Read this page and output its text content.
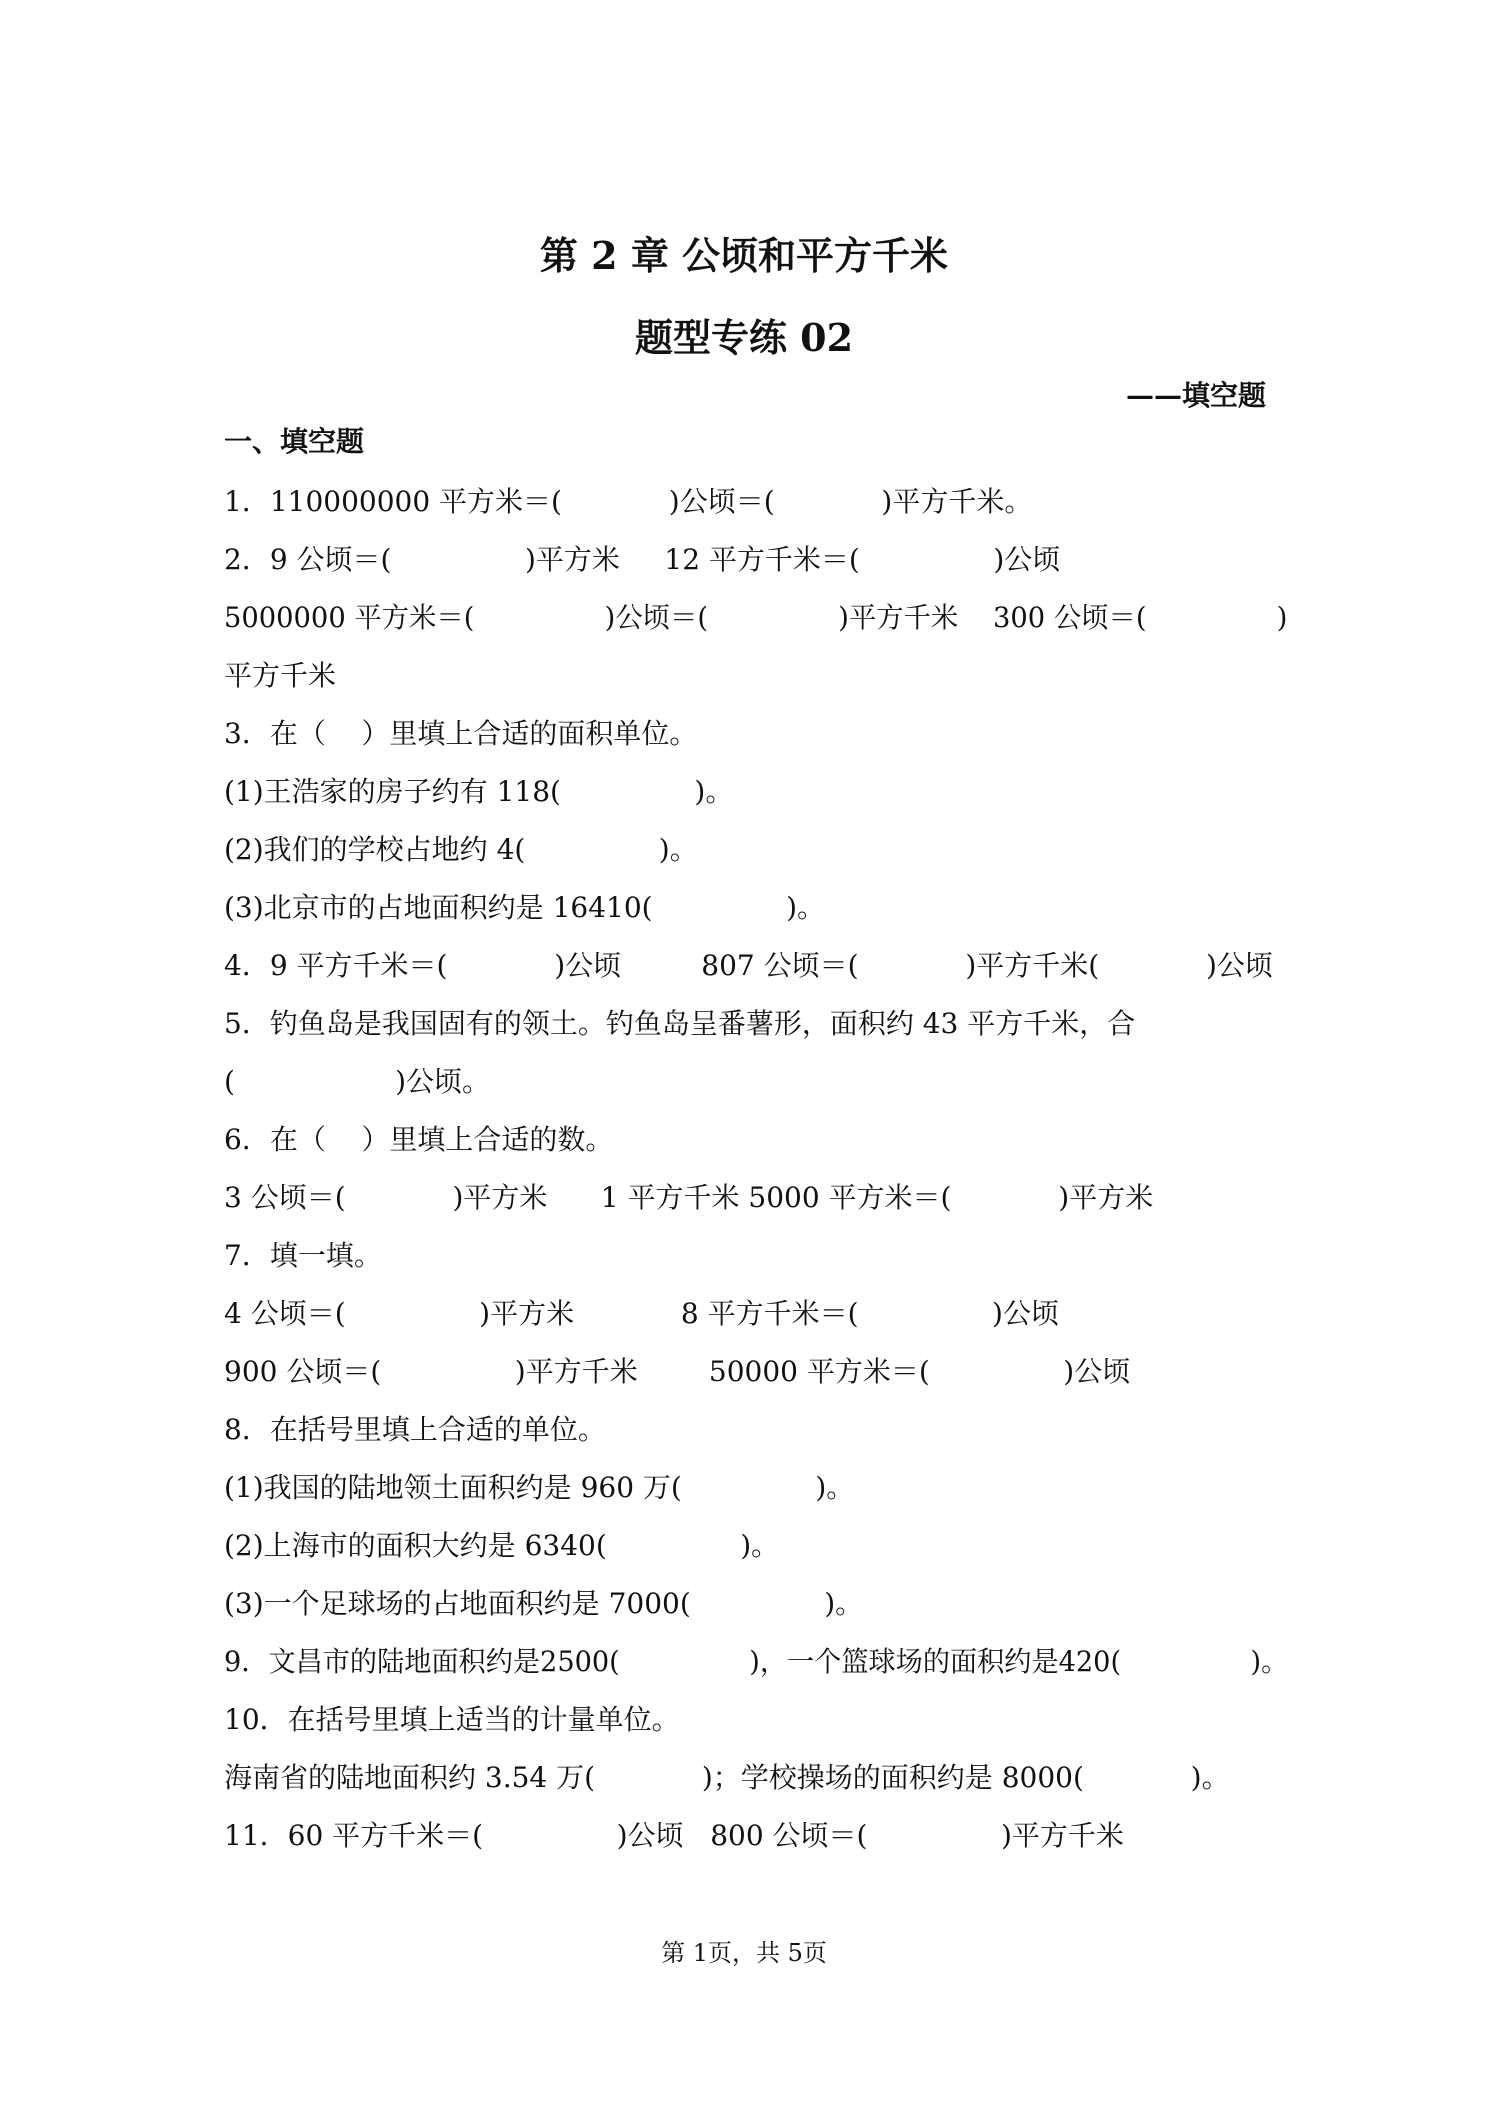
第 2 章 公顷和平方千米
题型专练 02
——填空题
一、填空题
1．110000000 平方米＝(            )公顷＝(            )平方千米。
2．9 公顷＝(               )平方米     12 平方千米＝(               )公顷
5000000 平方米＝(               )公顷＝(               )平方千米    300 公顷＝(               )
平方千米
3．在（    ）里填上合适的面积单位。
(1)王浩家的房子约有 118(               )。
(2)我们的学校占地约 4(               )。
(3)北京市的占地面积约是 16410(               )。
4．9 平方千米＝(            )公顷         807 公顷＝(            )平方千米(            )公顷
5．钓鱼岛是我国固有的领土。钓鱼岛呈番薯形，面积约 43 平方千米，合
(                  )公顷。
6．在（    ）里填上合适的数。
3 公顷＝(            )平方米      1 平方千米 5000 平方米＝(            )平方米
7．填一填。
4 公顷＝(               )平方米            8 平方千米＝(               )公顷
900 公顷＝(               )平方千米        50000 平方米＝(               )公顷
8．在括号里填上合适的单位。
(1)我国的陆地领土面积约是 960 万(               )。
(2)上海市的面积大约是 6340(               )。
(3)一个足球场的占地面积约是 7000(               )。
9．文昌市的陆地面积约是2500(               )，一个篮球场的面积约是420(               )。
10．在括号里填上适当的计量单位。
海南省的陆地面积约 3.54 万(            )；学校操场的面积约是 8000(            )。
11．60 平方千米＝(               )公顷   800 公顷＝(               )平方千米
第 1页，共 5页
